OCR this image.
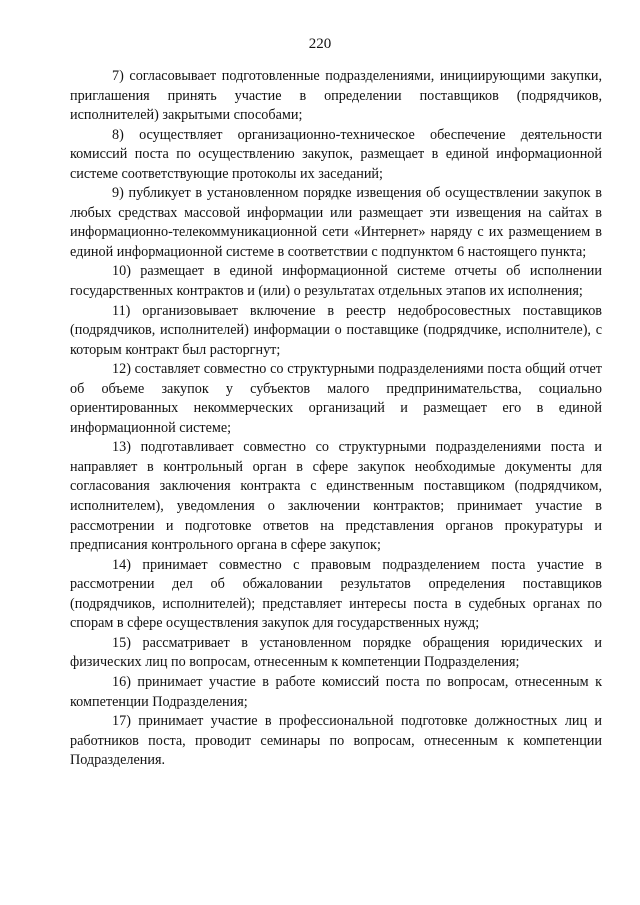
220

7) согласовывает подготовленные подразделениями, инициирующими закупки, приглашения принять участие в определении поставщиков (подрядчиков, исполнителей) закрытыми способами;

8) осуществляет организационно-техническое обеспечение деятельности комиссий поста по осуществлению закупок, размещает в единой информационной системе соответствующие протоколы их заседаний;

9) публикует в установленном порядке извещения об осуществлении закупок в любых средствах массовой информации или размещает эти извещения на сайтах в информационно-телекоммуникационной сети «Интернет» наряду с их размещением в единой информационной системе в соответствии с подпунктом 6 настоящего пункта;

10) размещает в единой информационной системе отчеты об исполнении государственных контрактов и (или) о результатах отдельных этапов их исполнения;

11) организовывает включение в реестр недобросовестных поставщиков (подрядчиков, исполнителей) информации о поставщике (подрядчике, исполнителе), с которым контракт был расторгнут;

12) составляет совместно со структурными подразделениями поста общий отчет об объеме закупок у субъектов малого предпринимательства, социально ориентированных некоммерческих организаций и размещает его в единой информационной системе;

13) подготавливает совместно со структурными подразделениями поста и направляет в контрольный орган в сфере закупок необходимые документы для согласования заключения контракта с единственным поставщиком (подрядчиком, исполнителем), уведомления о заключении контрактов; принимает участие в рассмотрении и подготовке ответов на представления органов прокуратуры и предписания контрольного органа в сфере закупок;

14) принимает совместно с правовым подразделением поста участие в рассмотрении дел об обжаловании результатов определения поставщиков (подрядчиков, исполнителей); представляет интересы поста в судебных органах по спорам в сфере осуществления закупок для государственных нужд;

15) рассматривает в установленном порядке обращения юридических и физических лиц по вопросам, отнесенным к компетенции Подразделения;

16) принимает участие в работе комиссий поста по вопросам, отнесенным к компетенции Подразделения;

17) принимает участие в профессиональной подготовке должностных лиц и работников поста, проводит семинары по вопросам, отнесенным к компетенции Подразделения.
